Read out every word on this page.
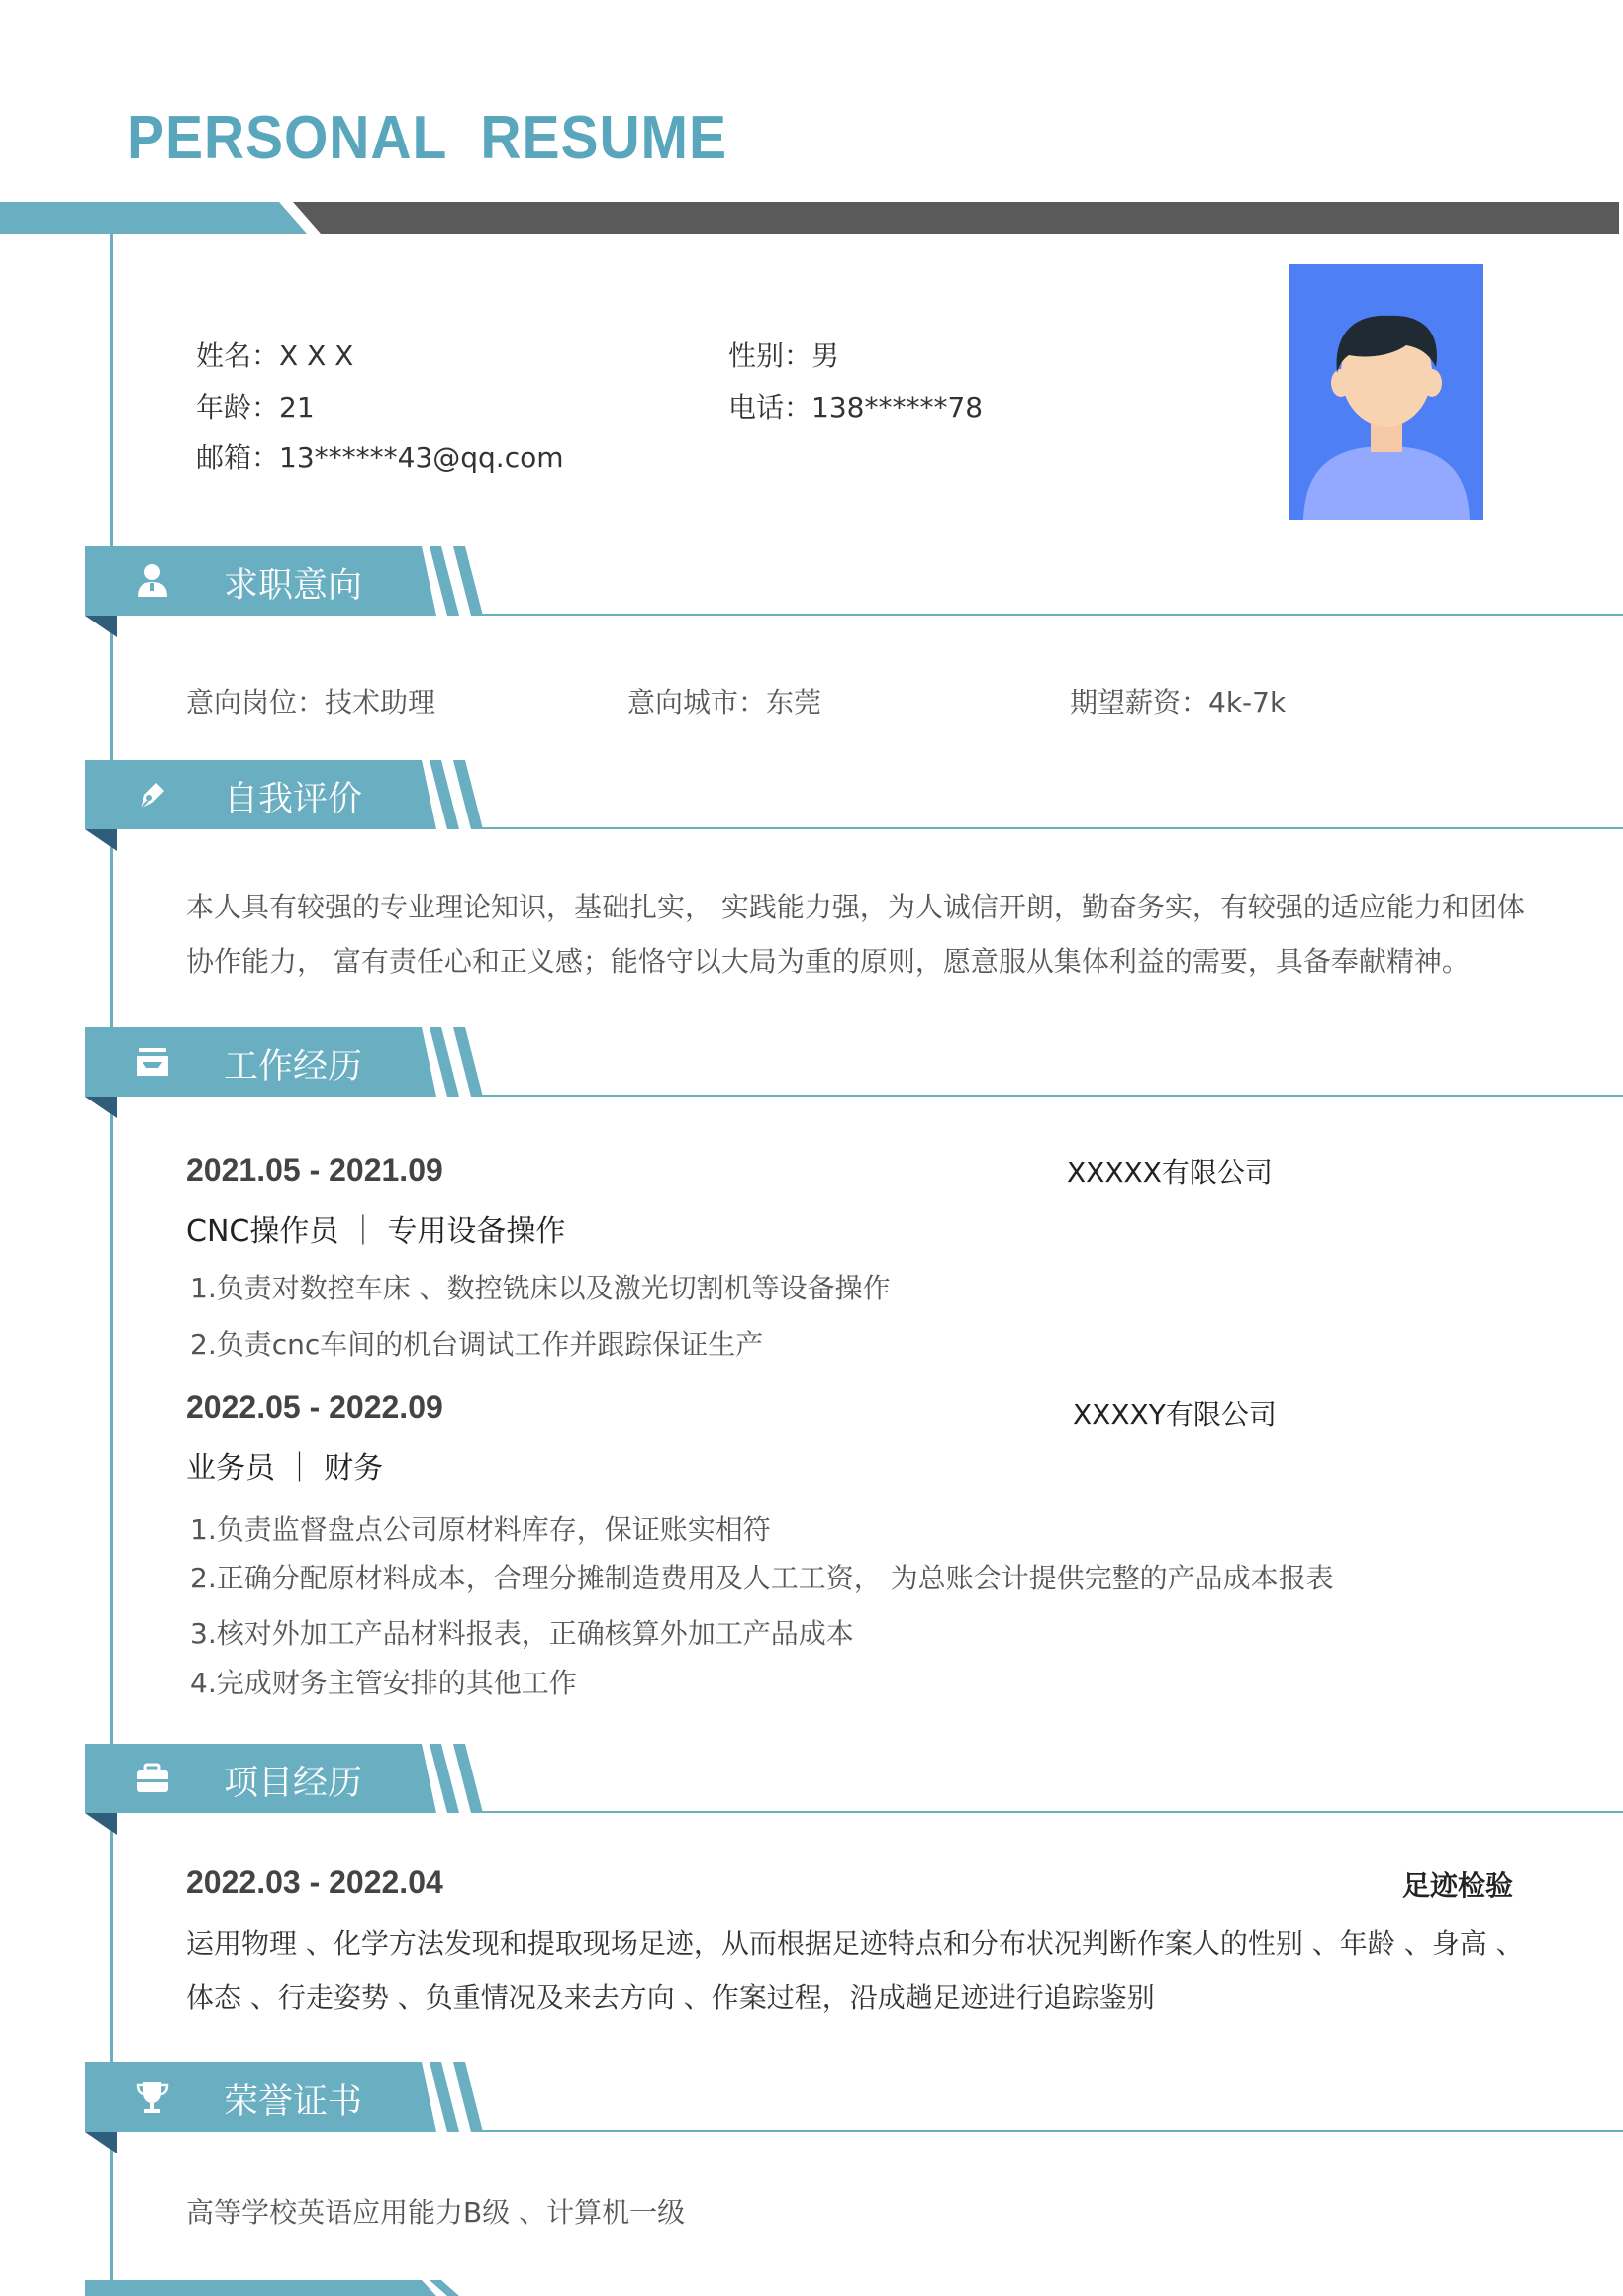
PERSONAL RESUME
姓名：X X X	性别：男
年龄：21	电话：138******78
邮箱：13******43@qq.com
求职意向
意向岗位：技术助理	意向城市：东莞	期望薪资：4k-7k
自我评价
本人具有较强的专业理论知识，基础扎实， 实践能力强，为人诚信开朗，勤奋务实，有较强的适应能力和团体
协作能力， 富有责任心和正义感；能恪守以大局为重的原则，愿意服从集体利益的需要，具备奉献精神。
工作经历
2021.05 - 2021.09	XXXXX有限公司
CNC操作员 ｜ 专用设备操作
1.负责对数控车床 、数控铣床以及激光切割机等设备操作
2.负责cnc车间的机台调试工作并跟踪保证生产
2022.05 - 2022.09	XXXXY有限公司
业务员 ｜ 财务
1.负责监督盘点公司原材料库存，保证账实相符
2.正确分配原材料成本，合理分摊制造费用及人工工资， 为总账会计提供完整的产品成本报表
3.核对外加工产品材料报表，正确核算外加工产品成本
4.完成财务主管安排的其他工作
项目经历
2022.03 - 2022.04	足迹检验
运用物理 、化学方法发现和提取现场足迹，从而根据足迹特点和分布状况判断作案人的性别 、年龄 、身高 、
体态 、行走姿势 、负重情况及来去方向 、作案过程，沿成趟足迹进行追踪鉴别
荣誉证书
高等学校英语应用能力B级 、计算机一级
